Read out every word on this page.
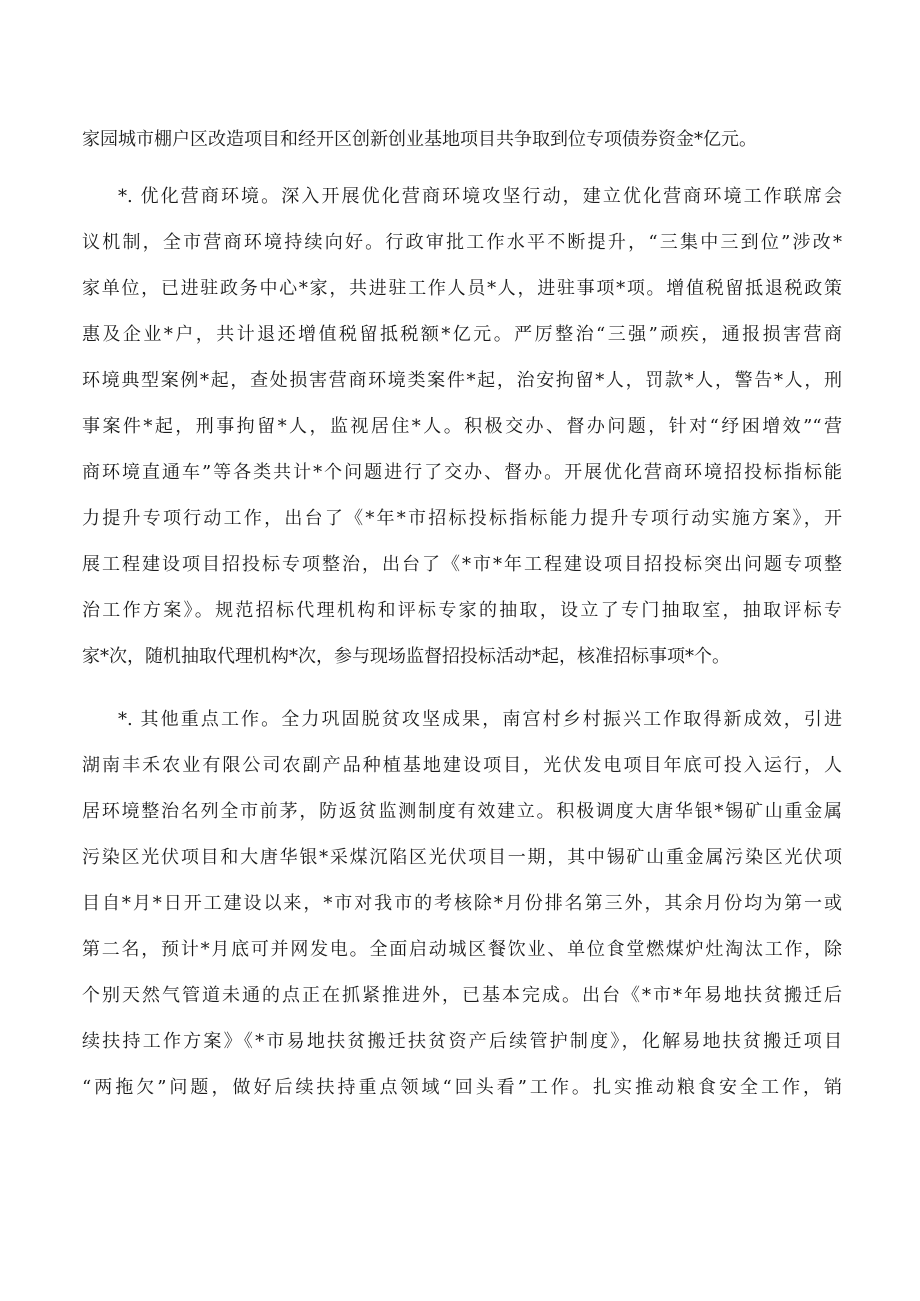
家园城市棚户区改造项目和经开区创新创业基地项目共争取到位专项债券资金*亿元。
*. 优化营商环境。深入开展优化营商环境攻坚行动，建立优化营商环境工作联席会
议机制，全市营商环境持续向好。行政审批工作水平不断提升，“三集中三到位”涉改*
家单位，已进驻政务中心*家，共进驻工作人员*人，进驻事项*项。增值税留抵退税政策
惠及企业*户，共计退还增值税留抵税额*亿元。严厉整治“三强”顽疾，通报损害营商
环境典型案例*起，查处损害营商环境类案件*起，治安拘留*人，罚款*人，警告*人，刑
事案件*起，刑事拘留*人，监视居住*人。积极交办、督办问题，针对“纾困增效”“营
商环境直通车”等各类共计*个问题进行了交办、督办。开展优化营商环境招投标指标能
力提升专项行动工作，出台了《*年*市招标投标指标能力提升专项行动实施方案》，开
展工程建设项目招投标专项整治，出台了《*市*年工程建设项目招投标突出问题专项整
治工作方案》。规范招标代理机构和评标专家的抽取，设立了专门抽取室，抽取评标专
家*次，随机抽取代理机构*次，参与现场监督招投标活动*起，核准招标事项*个。
*. 其他重点工作。全力巩固脱贫攻坚成果，南宫村乡村振兴工作取得新成效，引进
湖南丰禾农业有限公司农副产品种植基地建设项目，光伏发电项目年底可投入运行，人
居环境整治名列全市前茅，防返贫监测制度有效建立。积极调度大唐华银*锡矿山重金属
污染区光伏项目和大唐华银*采煤沉陷区光伏项目一期，其中锡矿山重金属污染区光伏项
目自*月*日开工建设以来，*市对我市的考核除*月份排名第三外，其余月份均为第一或
第二名，预计*月底可并网发电。全面启动城区餐饮业、单位食堂燃煤炉灶淘汰工作，除
个别天然气管道未通的点正在抓紧推进外，已基本完成。出台《*市*年易地扶贫搬迁后
续扶持工作方案》《*市易地扶贫搬迁扶贫资产后续管护制度》，化解易地扶贫搬迁项目
“两拖欠”问题，做好后续扶持重点领域“回头看”工作。扎实推动粮食安全工作，销
